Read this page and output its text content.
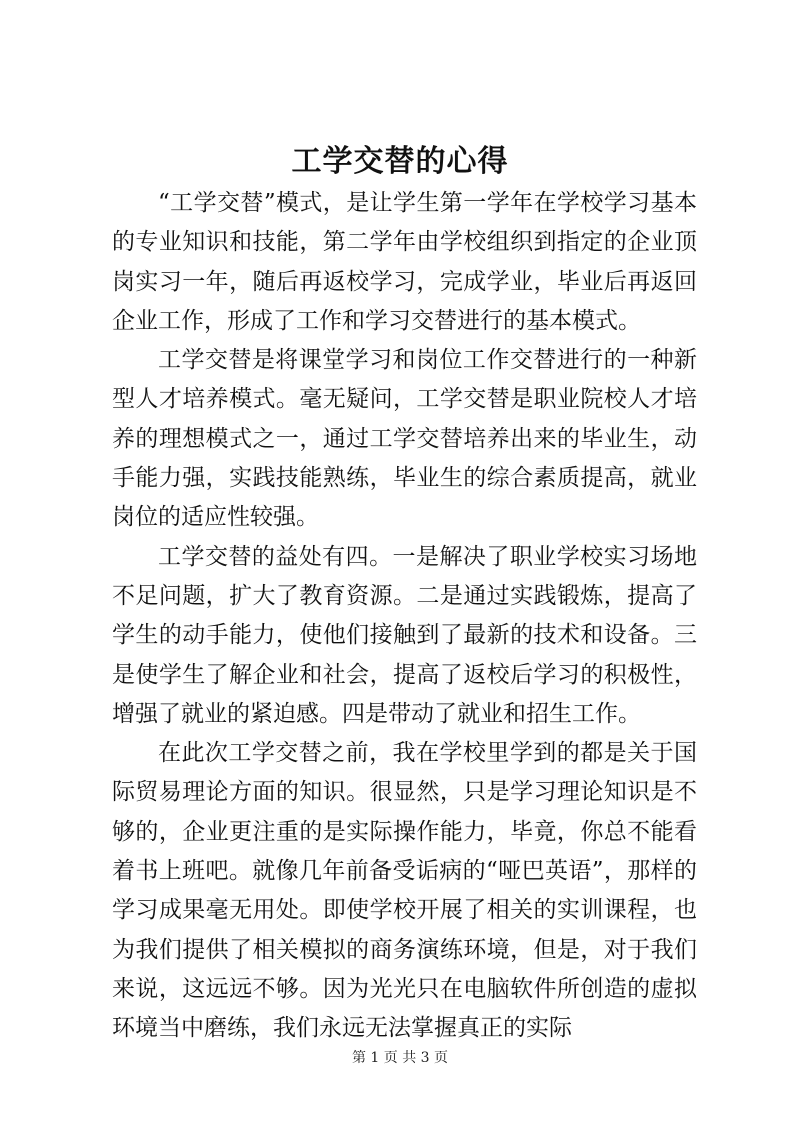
工学交替的心得

“工学交替”模式，是让学生第一学年在学校学习基本的专业知识和技能，第二学年由学校组织到指定的企业顶岗实习一年，随后再返校学习，完成学业，毕业后再返回企业工作，形成了工作和学习交替进行的基本模式。

工学交替是将课堂学习和岗位工作交替进行的一种新型人才培养模式。毫无疑问，工学交替是职业院校人才培养的理想模式之一，通过工学交替培养出来的毕业生，动手能力强，实践技能熟练，毕业生的综合素质提高，就业岗位的适应性较强。

工学交替的益处有四。一是解决了职业学校实习场地不足问题，扩大了教育资源。二是通过实践锻炼，提高了学生的动手能力，使他们接触到了最新的技术和设备。三是使学生了解企业和社会，提高了返校后学习的积极性，增强了就业的紧迫感。四是带动了就业和招生工作。

在此次工学交替之前，我在学校里学到的都是关于国际贸易理论方面的知识。很显然，只是学习理论知识是不够的，企业更注重的是实际操作能力，毕竟，你总不能看着书上班吧。就像几年前备受诟病的“哑巴英语”，那样的学习成果毫无用处。即使学校开展了相关的实训课程，也为我们提供了相关模拟的商务演练环境，但是，对于我们来说，这远远不够。因为光光只在电脑软件所创造的虚拟环境当中磨练，我们永远无法掌握真正的实际

第 1 页 共 3 页
